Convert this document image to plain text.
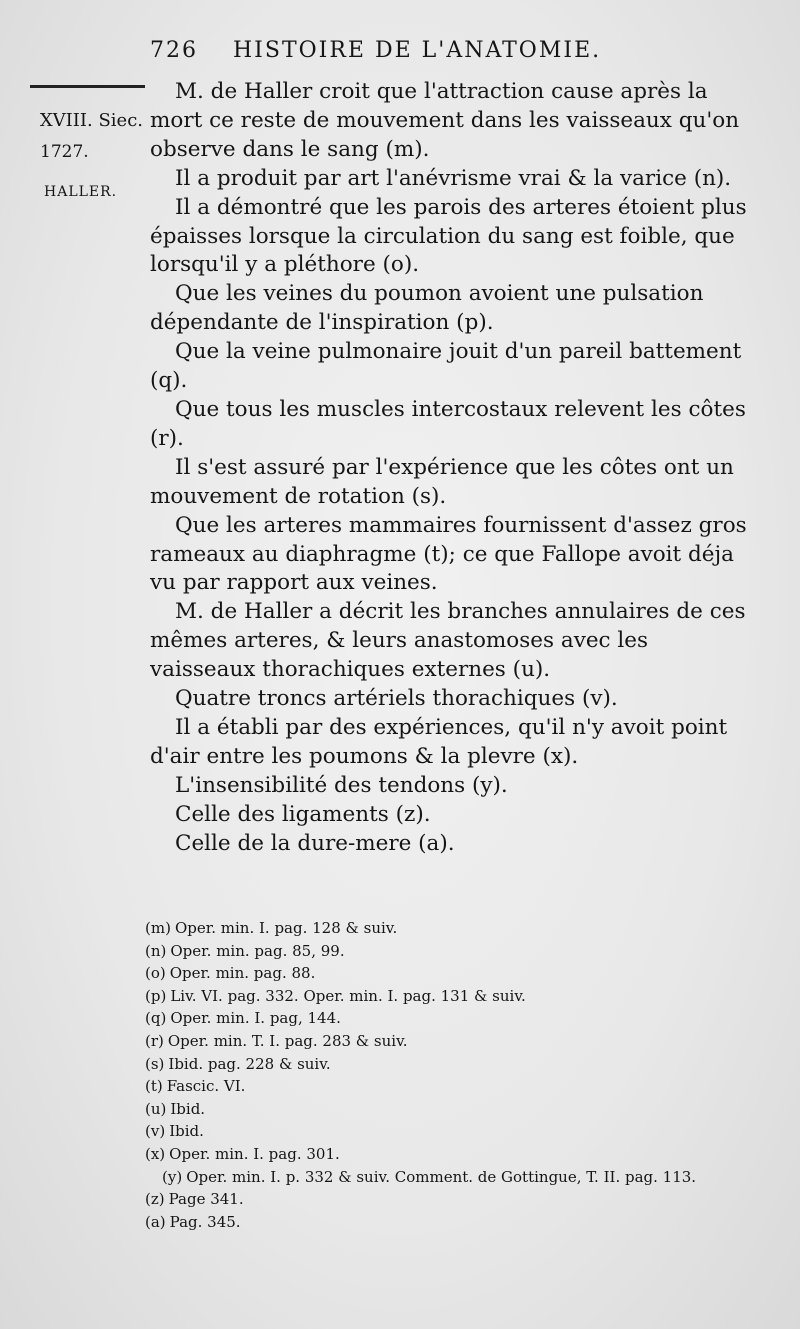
726 HISTOIRE DE L'ANATOMIE.
XVIII. Siec.
1727.
HALLER.

M. de Haller croit que l'attraction cause après la mort ce reste de mouvement dans les vaisseaux qu'on observe dans le sang (m).

Il a produit par art l'anévrisme vrai & la varice (n).

Il a démontré que les parois des arteres étoient plus épaisses lorsque la circulation du sang est foible, que lorsqu'il y a pléthore (o).

Que les veines du poumon avoient une pulsation dépendante de l'inspiration (p).

Que la veine pulmonaire jouit d'un pareil battement (q).

Que tous les muscles intercostaux relevent les côtes (r).

Il s'est assuré par l'expérience que les côtes ont un mouvement de rotation (s).

Que les arteres mammaires fournissent d'assez gros rameaux au diaphragme (t); ce que Fallope avoit déja vu par rapport aux veines.

M. de Haller a décrit les branches annulaires de ces mêmes arteres, & leurs anastomoses avec les vaisseaux thorachiques externes (u).

Quatre troncs artériels thorachiques (v).

Il a établi par des expériences, qu'il n'y avoit point d'air entre les poumons & la plevre (x).

L'insensibilité des tendons (y).

Celle des ligaments (z).

Celle de la dure-mere (a).

(m) Oper. min. I. pag. 128 & suiv.

(n) Oper. min. pag. 85, 99.

(o) Oper. min. pag. 88.

(p) Liv. VI. pag. 332. Oper. min. I. pag. 131 & suiv.

(q) Oper. min. I. pag, 144.

(r) Oper. min. T. I. pag. 283 & suiv.

(s) Ibid. pag. 228 & suiv.

(t) Fascic. VI.

(u) Ibid.

(v) Ibid.

(x) Oper. min. I. pag. 301.

(y) Oper. min. I. p. 332 & suiv. Comment. de Gottingue, T. II. pag. 113.

(z) Page 341.

(a) Pag. 345.
